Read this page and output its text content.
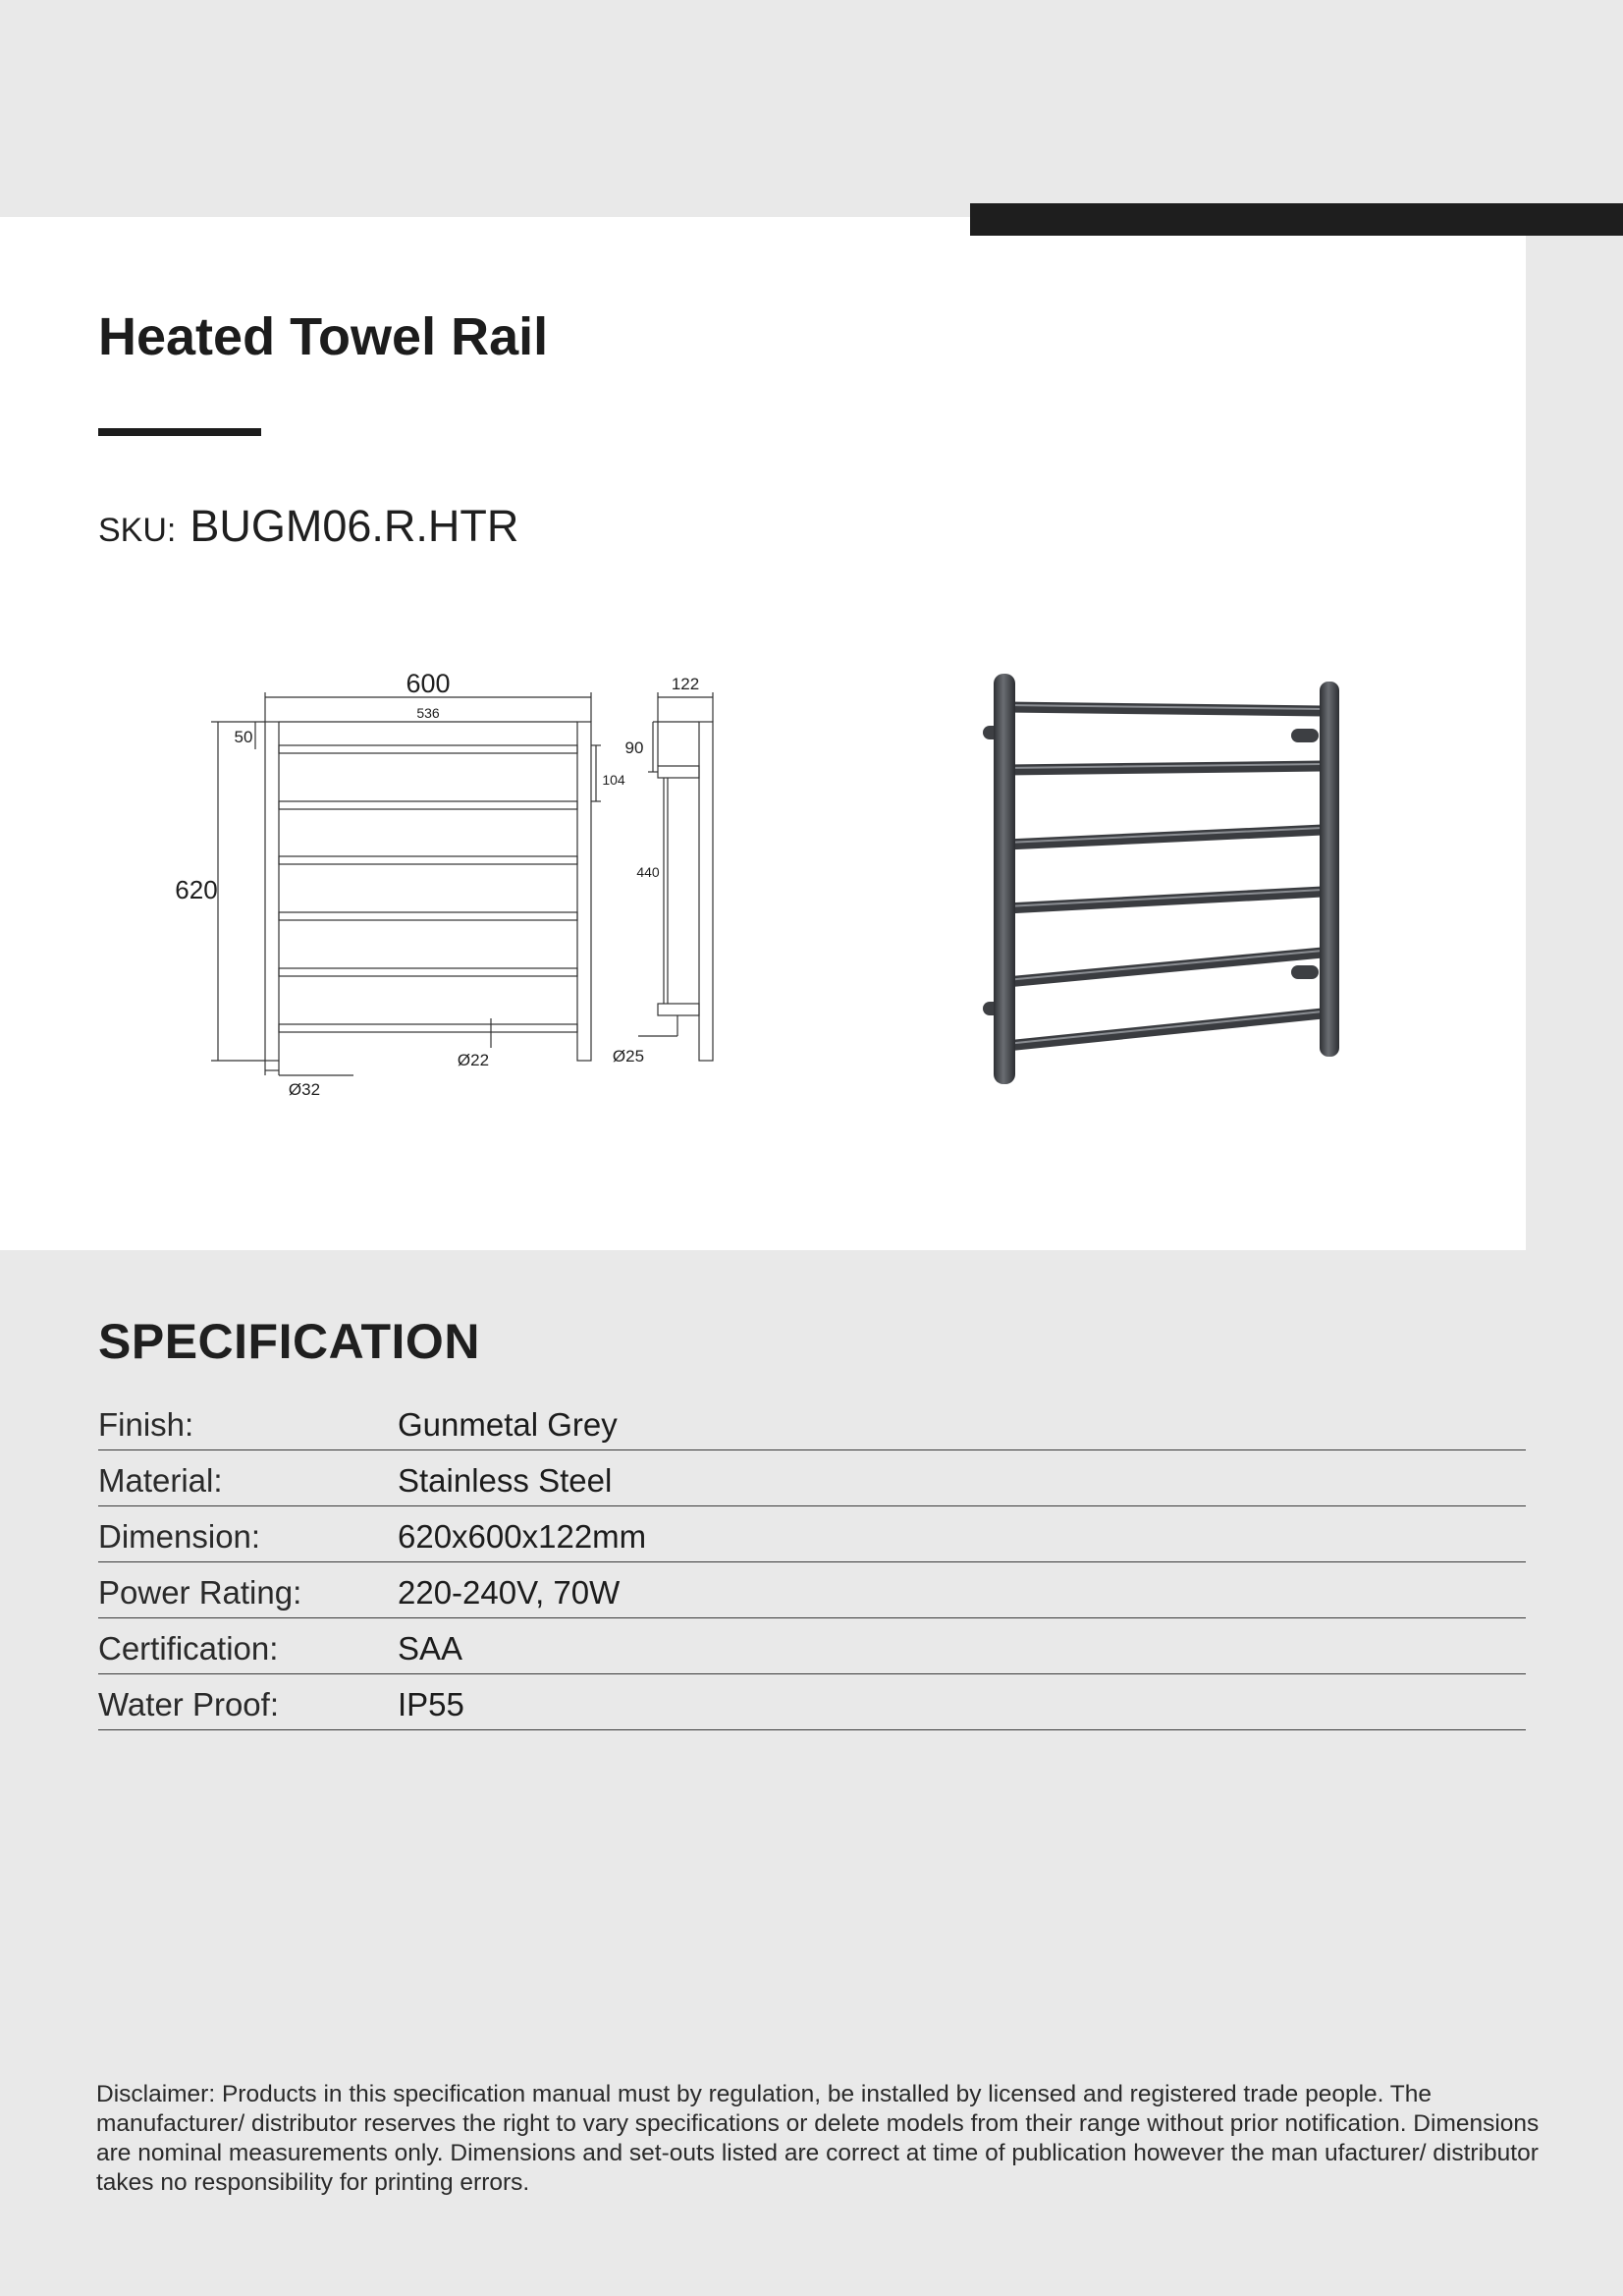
Heated Towel Rail
SKU: BUGM06.R.HTR
600
536
620
50
122
90
104
440
Ø22
Ø32
Ø25
SPECIFICATION
Finish:	Gunmetal Grey
Material:	Stainless Steel
Dimension:	620x600x122mm
Power Rating:	220-240V, 70W
Certification:	SAA
Water Proof:	IP55
Disclaimer: Products in this specification manual must by regulation, be installed by licensed and registered trade people. The manufacturer/ distributor reserves the right to vary specifications or delete models from their range without prior notification. Dimensions are nominal measurements only. Dimensions and set-outs listed are correct at time of publication however the man ufacturer/ distributor takes no responsibility for printing errors.
